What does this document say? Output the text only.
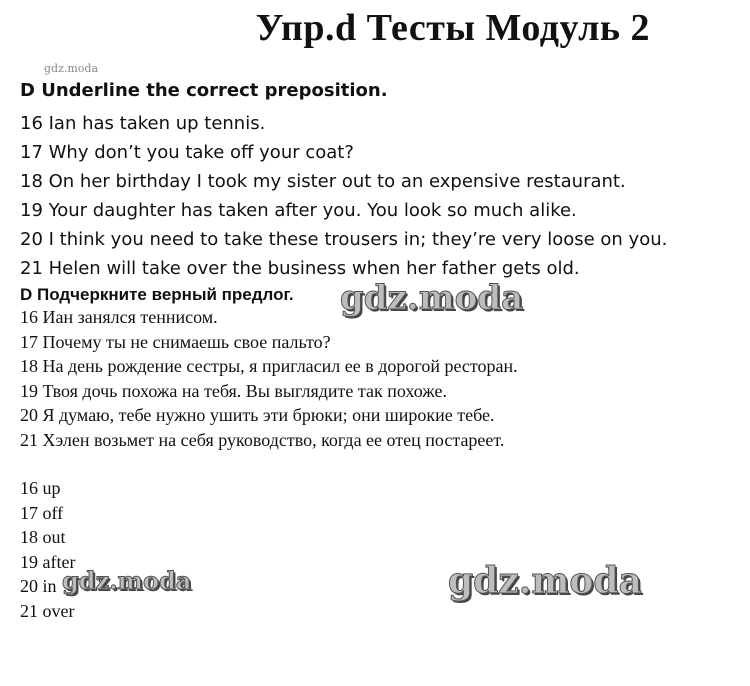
Упр.d Тесты Модуль 2
gdz.moda
D Underline the correct preposition.
16 Ian has taken up tennis.
17 Why don’t you take off your coat?
18 On her birthday I took my sister out to an expensive restaurant.
19 Your daughter has taken after you. You look so much alike.
20 I think you need to take these trousers in; they’re very loose on you.
21 Helen will take over the business when her father gets old.
D Подчеркните верный предлог.
16 Иан занялся теннисом.
17 Почему ты не снимаешь свое пальто?
18 На день рождение сестры, я пригласил ее в дорогой ресторан.
19 Твоя дочь похожа на тебя. Вы выглядите так похоже.
20 Я думаю, тебе нужно ушить эти брюки; они широкие тебе.
21 Хэлен возьмет на себя руководство, когда ее отец постареет.
16 up
17 off
18 out
19 after
20 in
21 over
gdz.moda
gdz.moda
gdz.moda
